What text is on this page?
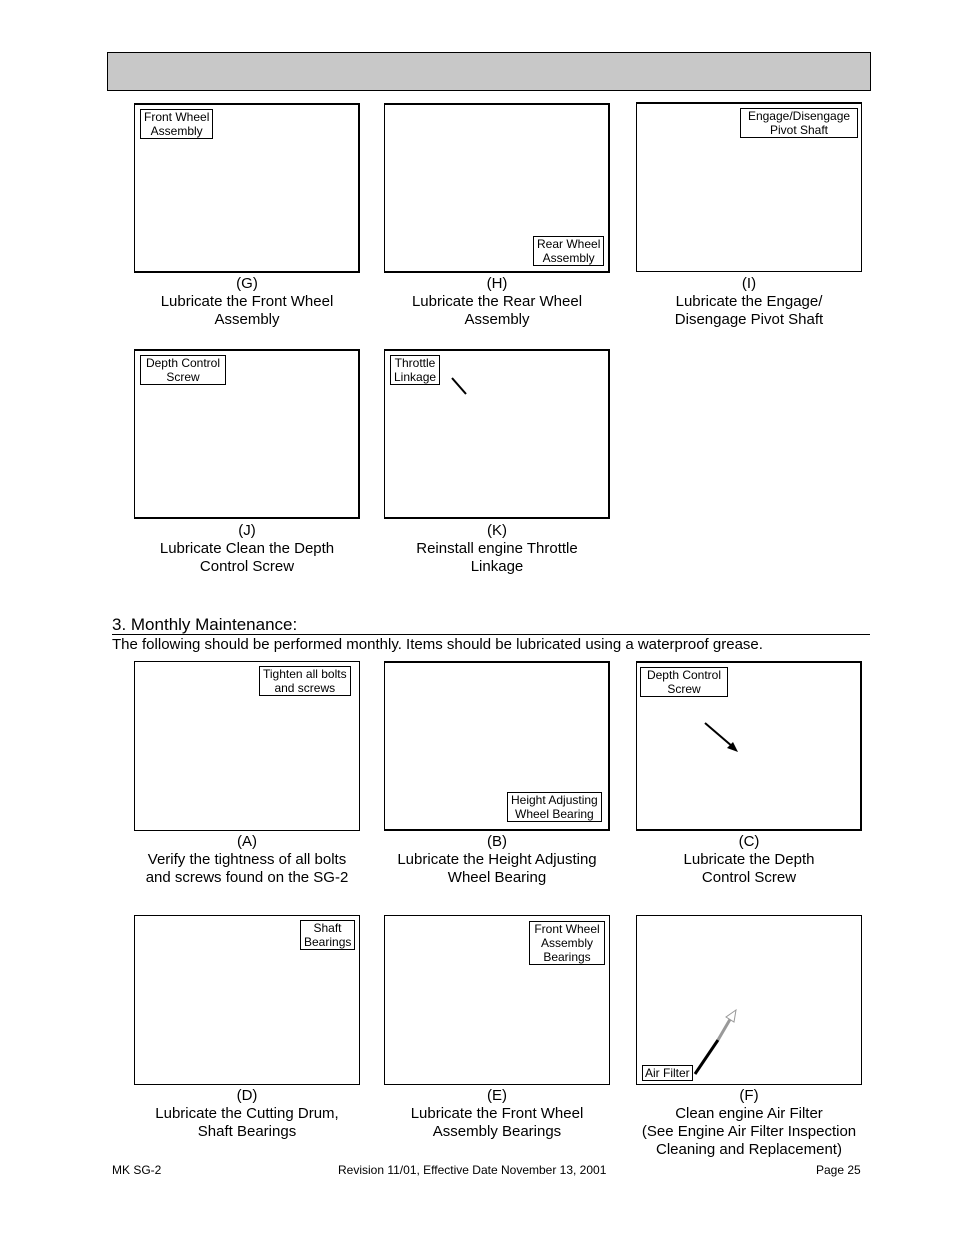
Front Wheel
Assembly
(G)
Lubricate the Front Wheel
Assembly
Rear Wheel
Assembly
(H)
Lubricate the Rear Wheel
Assembly
Engage/Disengage
Pivot Shaft
(I)
Lubricate the Engage/
Disengage Pivot Shaft
Depth Control
Screw
(J)
Lubricate Clean the Depth
Control Screw
Throttle
Linkage
(K)
Reinstall engine Throttle
Linkage
3. Monthly Maintenance:
The following should be performed monthly. Items should be lubricated using a waterproof grease.
Tighten all bolts
and screws
(A)
Verify the tightness of all bolts
and screws found on the SG-2
Height Adjusting
Wheel Bearing
(B)
Lubricate the Height Adjusting
Wheel Bearing
Depth Control
Screw
(C)
Lubricate the Depth
Control Screw
Shaft
Bearings
(D)
Lubricate the Cutting Drum,
Shaft Bearings
Front Wheel
Assembly
Bearings
(E)
Lubricate the Front Wheel
Assembly Bearings
Air Filter
(F)
Clean engine Air Filter
(See Engine Air Filter Inspection
Cleaning and Replacement)
MK SG-2	Revision 11/01, Effective Date November 13, 2001	Page 25
